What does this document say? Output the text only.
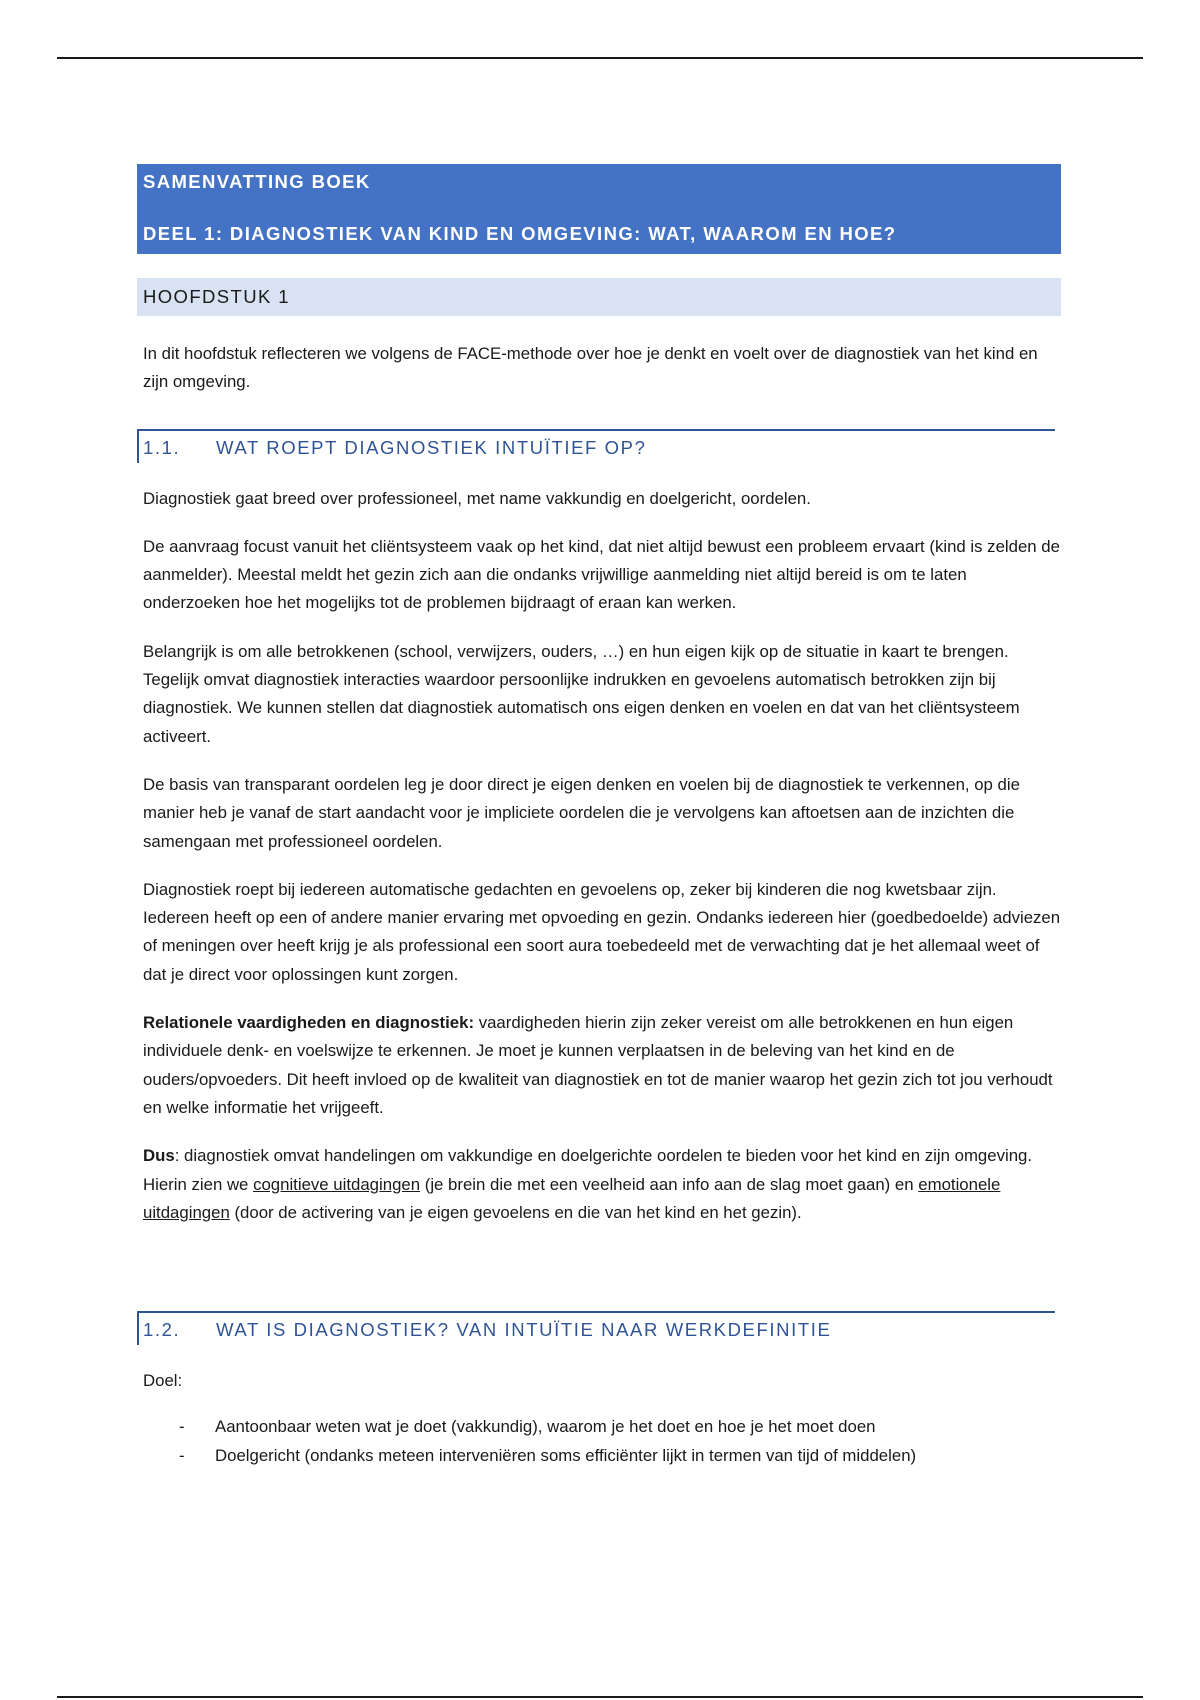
SAMENVATTING BOEK
DEEL 1: DIAGNOSTIEK VAN KIND EN OMGEVING: WAT, WAAROM EN HOE?
HOOFDSTUK 1

In dit hoofdstuk reflecteren we volgens de FACE-methode over hoe je denkt en voelt over de diagnostiek van het kind en zijn omgeving.

1.1. WAT ROEPT DIAGNOSTIEK INTUÏTIEF OP?

Diagnostiek gaat breed over professioneel, met name vakkundig en doelgericht, oordelen.

De aanvraag focust vanuit het cliëntsysteem vaak op het kind, dat niet altijd bewust een probleem ervaart (kind is zelden de aanmelder). Meestal meldt het gezin zich aan die ondanks vrijwillige aanmelding niet altijd bereid is om te laten onderzoeken hoe het mogelijks tot de problemen bijdraagt of eraan kan werken.

Belangrijk is om alle betrokkenen (school, verwijzers, ouders, …) en hun eigen kijk op de situatie in kaart te brengen. Tegelijk omvat diagnostiek interacties waardoor persoonlijke indrukken en gevoelens automatisch betrokken zijn bij diagnostiek. We kunnen stellen dat diagnostiek automatisch ons eigen denken en voelen en dat van het cliëntsysteem activeert.

De basis van transparant oordelen leg je door direct je eigen denken en voelen bij de diagnostiek te verkennen, op die manier heb je vanaf de start aandacht voor je impliciete oordelen die je vervolgens kan aftoetsen aan de inzichten die samengaan met professioneel oordelen.

Diagnostiek roept bij iedereen automatische gedachten en gevoelens op, zeker bij kinderen die nog kwetsbaar zijn. Iedereen heeft op een of andere manier ervaring met opvoeding en gezin. Ondanks iedereen hier (goedbedoelde) adviezen of meningen over heeft krijg je als professional een soort aura toebedeeld met de verwachting dat je het allemaal weet of dat je direct voor oplossingen kunt zorgen.

Relationele vaardigheden en diagnostiek: vaardigheden hierin zijn zeker vereist om alle betrokkenen en hun eigen individuele denk- en voelswijze te erkennen. Je moet je kunnen verplaatsen in de beleving van het kind en de ouders/opvoeders. Dit heeft invloed op de kwaliteit van diagnostiek en tot de manier waarop het gezin zich tot jou verhoudt en welke informatie het vrijgeeft.

Dus: diagnostiek omvat handelingen om vakkundige en doelgerichte oordelen te bieden voor het kind en zijn omgeving. Hierin zien we cognitieve uitdagingen (je brein die met een veelheid aan info aan de slag moet gaan) en emotionele uitdagingen (door de activering van je eigen gevoelens en die van het kind en het gezin).

1.2. WAT IS DIAGNOSTIEK? VAN INTUÏTIE NAAR WERKDEFINITIE

Doel:

- Aantoonbaar weten wat je doet (vakkundig), waarom je het doet en hoe je het moet doen
- Doelgericht (ondanks meteen interveniëren soms efficiënter lijkt in termen van tijd of middelen)
